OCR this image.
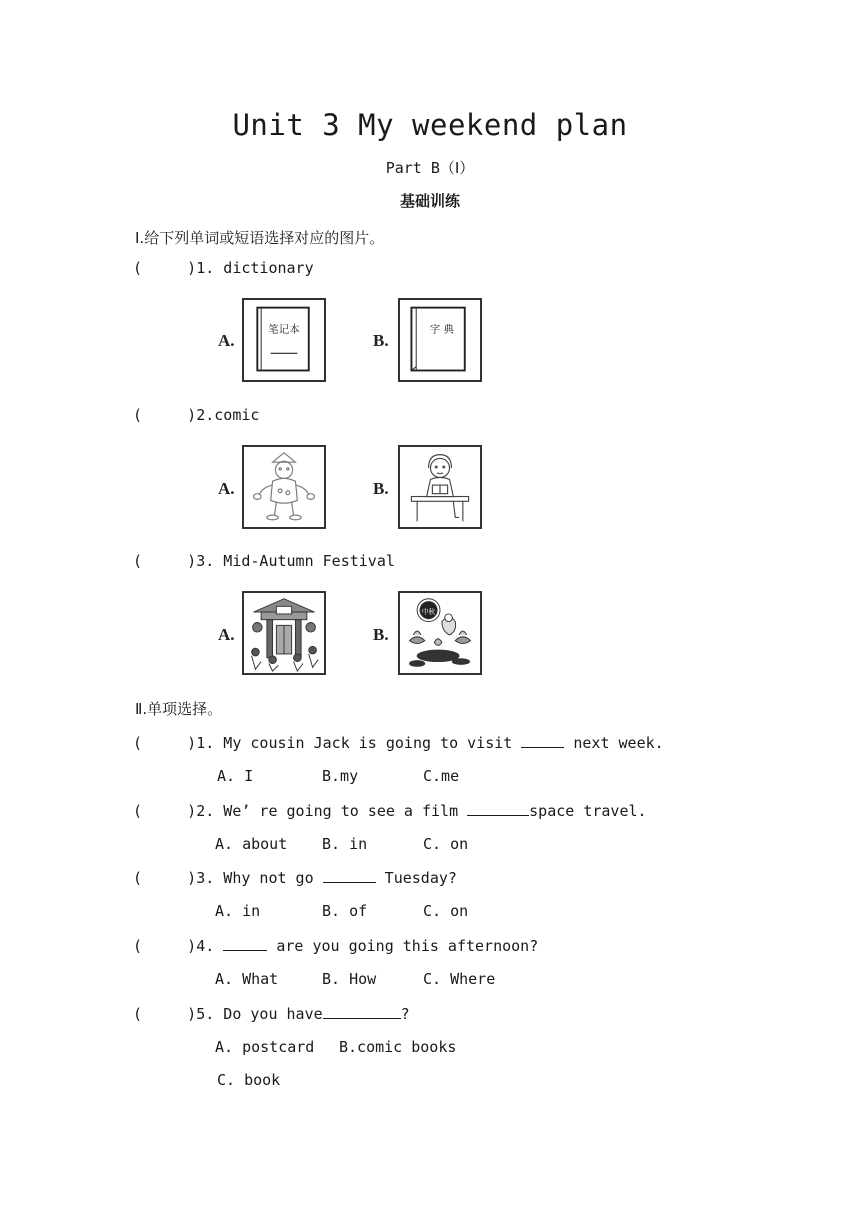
Unit 3 My weekend plan
Part B（Ⅰ）
基础训练
Ⅰ.给下列单词或短语选择对应的图片。
(     )1. dictionary
A.
笔记本
B.
字 典
(     )2.comic
A.	B.
(     )3. Mid-Autumn Festival
A.	B.
中秋
Ⅱ.单项选择。
(     )1. My cousin Jack is going to visit	next week.
A. I	B.my	C.me
(     )2. We’ re going to see a film	space travel.
A. about B. in	C. on
(     )3. Why not go	Tuesday?
A. in	B. of	C. on
(     )4.	are you going this afternoon?
A. What	B. How	C. Where
(     )5. Do you have	?
A. postcard B.comic books
C. book
